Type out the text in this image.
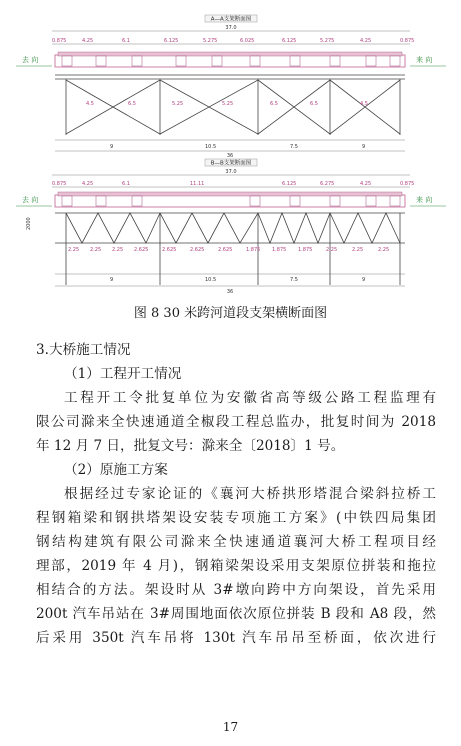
A—A支架断面图
37.0
0.875	0.875
4.25	6.1	6.125	5.275	6.025	6.125	5.275	4.25
去 向	来 向
4.5	6.5	5.25	5.25	6.5	6.5	4.5
9	10.5	7.5	9
36
B—B支架断面图
37.0
0.875	0.875
4.25	6.1	11.11	6.125	6.275	4.25
去 向	来 向
2000
2.25 2.25 2.25 2.625	2.625	2.625	2.625	1.875 1.875 1.875	2.25	2.25	2.25
9	10.5	7.5	9
36
图 8 30 米跨河道段支架横断面图
3.大桥施工情况
（1）工程开工情况
工程开工令批复单位为安徽省高等级公路工程监理有
限公司滁来全快速通道全椒段工程总监办，批复时间为 2018
年 12 月 7 日，批复文号：滁来全〔2018〕1 号。
（2）原施工方案
根据经过专家论证的《襄河大桥拱形塔混合梁斜拉桥工
程钢箱梁和钢拱塔架设安装专项施工方案》(中铁四局集团
钢结构建筑有限公司滁来全快速通道襄河大桥工程项目经
理部，2019 年 4 月)，钢箱梁架设采用支架原位拼装和拖拉
相结合的方法。架设时从 3#墩向跨中方向架设，首先采用
200t 汽车吊站在 3#周围地面依次原位拼装 B 段和 A8 段，然
后采用 350t 汽车吊将 130t 汽车吊吊至桥面，依次进行
17
